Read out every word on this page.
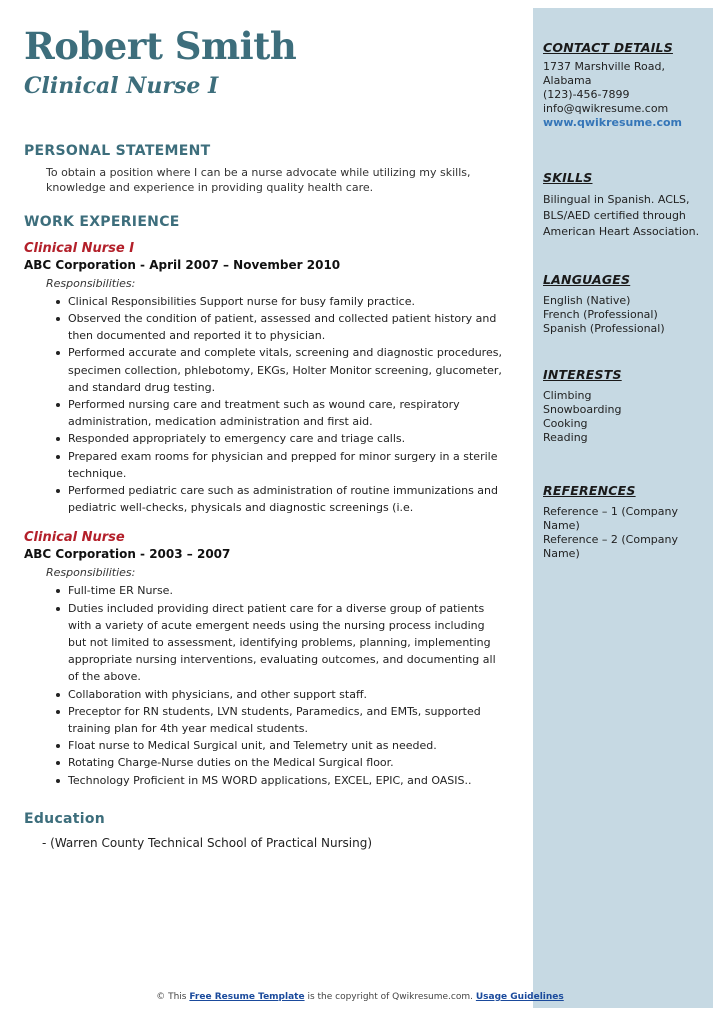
Robert Smith
Clinical Nurse I
PERSONAL STATEMENT

To obtain a position where I can be a nurse advocate while utilizing my skills, knowledge and experience in providing quality health care.

WORK EXPERIENCE
Clinical Nurse I
ABC Corporation - April 2007 – November 2010
Responsibilities:
Clinical Responsibilities Support nurse for busy family practice.
Observed the condition of patient, assessed and collected patient history and then documented and reported it to physician.
Performed accurate and complete vitals, screening and diagnostic procedures, specimen collection, phlebotomy, EKGs, Holter Monitor screening, glucometer, and standard drug testing.
Performed nursing care and treatment such as wound care, respiratory administration, medication administration and first aid.
Responded appropriately to emergency care and triage calls.
Prepared exam rooms for physician and prepped for minor surgery in a sterile technique.
Performed pediatric care such as administration of routine immunizations and pediatric well-checks, physicals and diagnostic screenings (i.e.
Clinical Nurse
ABC Corporation - 2003 – 2007
Responsibilities:
Full-time ER Nurse.
Duties included providing direct patient care for a diverse group of patients with a variety of acute emergent needs using the nursing process including but not limited to assessment, identifying problems, planning, implementing appropriate nursing interventions, evaluating outcomes, and documenting all of the above.
Collaboration with physicians, and other support staff.
Preceptor for RN students, LVN students, Paramedics, and EMTs, supported training plan for 4th year medical students.
Float nurse to Medical Surgical unit, and Telemetry unit as needed.
Rotating Charge-Nurse duties on the Medical Surgical floor.
Technology Proficient in MS WORD applications, EXCEL, EPIC, and OASIS..
Education
- (Warren County Technical School of Practical Nursing)
CONTACT DETAILS
1737 Marshville Road, Alabama
(123)-456-7899
info@qwikresume.com
www.qwikresume.com
SKILLS
Bilingual in Spanish. ACLS, BLS/AED certified through American Heart Association.
LANGUAGES
English (Native)
French (Professional)
Spanish (Professional)
INTERESTS
Climbing
Snowboarding
Cooking
Reading
REFERENCES
Reference – 1 (Company Name)
Reference – 2 (Company Name)
© This Free Resume Template is the copyright of Qwikresume.com. Usage Guidelines
